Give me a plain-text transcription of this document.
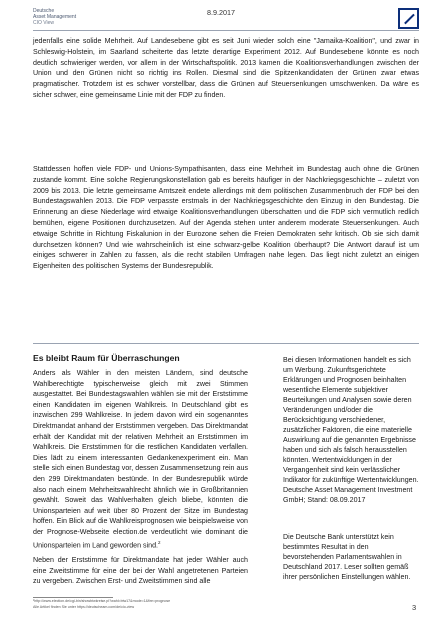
Deutsche
Asset Management
CIO View
8.9.2017

jedenfalls eine solide Mehrheit. Auf Landesebene gibt es seit Juni wieder solch eine "Jamaika-Koalition", und zwar in Schleswig-Holstein, im Saarland scheiterte das letzte derartige Experiment 2012. Auf Bundesebene könnte es noch deutlich schwieriger werden, vor allem in der Wirtschaftspolitik. 2013 kamen die Koalitionsverhandlungen zwischen der Union und den Grünen nicht so richtig ins Rollen. Diesmal sind die Spitzenkandidaten der Grünen zwar etwas pragmatischer. Trotzdem ist es schwer vorstellbar, dass die Grünen auf Steuersenkungen umschwenken. Da wäre es sicher schwer, eine gemeinsame Linie mit der FDP zu finden.

Stattdessen hoffen viele FDP- und Unions-Sympathisanten, dass eine Mehrheit im Bundestag auch ohne die Grünen zustande kommt. Eine solche Regierungskonstellation gab es bereits häufiger in der Nachkriegsgeschichte – zuletzt von 2009 bis 2013. Die letzte gemeinsame Amtszeit endete allerdings mit dem politischen Zusammenbruch der FDP bei den Bundestagswahlen 2013. Die FDP verpasste erstmals in der Nachkriegsgeschichte den Einzug in den Bundestag. Die Erinnerung an diese Niederlage wird etwaige Koalitionsverhandlungen überschatten und die FDP sich vermutlich redlich bemühen, eigene Positionen durchzusetzen. Auf der Agenda stehen unter anderem moderate Steuersenkungen. Auch etwaige Schritte in Richtung Fiskalunion in der Eurozone sehen die Freien Demokraten sehr kritisch. Ob sie sich damit durchsetzen können? Und wie wahrscheinlich ist eine schwarz-gelbe Koalition überhaupt? Die Antwort darauf ist um einiges schwerer in Zahlen zu fassen, als die recht stabilen Umfragen nahe legen. Das liegt nicht zuletzt an einigen Eigenheiten des politischen Systems der Bundesrepublik.

Es bleibt Raum für Überraschungen

Anders als Wähler in den meisten Ländern, sind deutsche Wahlberechtigte typischerweise gleich mit zwei Stimmen ausgestattet. Bei Bundestagswahlen wählen sie mit der Erststimme einen Kandidaten im eigenen Wahlkreis. In Deutschland gibt es inzwischen 299 Wahlkreise. In jedem davon wird ein sogenanntes Direktmandat anhand der Erststimmen vergeben. Das Direktmandat erhält der Kandidat mit der relativen Mehrheit an Erststimmen im Wahlkreis. Die Erststimmen für die restlichen Kandidaten verfallen. Dies lädt zu einem interessanten Gedankenexperiment ein. Man stelle sich einen Bundestag vor, dessen Zusammensetzung rein aus den 299 Direktmandaten bestünde. In der Bundesrepublik würde also nach einem Mehrheitswahlrecht ähnlich wie in Großbritannien gewählt. Soweit das Wahlverhalten gleich bliebe, könnten die Unionsparteien auf weit über 80 Prozent der Sitze im Bundestag hoffen. Ein Blick auf die Wahlkreisprognosen wie beispielsweise von der Prognose-Webseite election.de verdeutlicht wie dominant die Unionsparteien im Land geworden sind.$^2$

Neben der Erststimme für Direktmandate hat jeder Wähler auch eine Zweitstimme für eine der bei der Wahl angetretenen Parteien zu vergeben. Zwischen Erst- und Zweitstimmen sind alle

Bei diesen Informationen handelt es sich um Werbung. Zukunftsgerichtete Erklärungen und Prognosen beinhalten wesentliche Elemente subjektiver Beurteilungen und Analysen sowie deren Veränderungen und/oder die Berücksichtigung verschiedener, zusätzlicher Faktoren, die eine materielle Auswirkung auf die genannten Ergebnisse haben und sich als falsch herausstellen könnten. Wertentwicklungen in der Vergangenheit sind kein verlässlicher Indikator für zukünftige Wertentwicklungen. Deutsche Asset Management Investment GmbH; Stand: 08.09.2017

Die Deutsche Bank unterstützt kein bestimmtes Resultat in den bevorstehenden Parlamentswahlen in Deutschland 2017. Leser sollten gemäß ihrer persönlichen Einstellungen wählen.

²http://www.election.de/cgi-bin/showbtwkreise.pl?wahl=btw17&mode=1&fire=prognose
Alle Artikel finden Sie unter https://deutscheam.com/de/cio-view	3
